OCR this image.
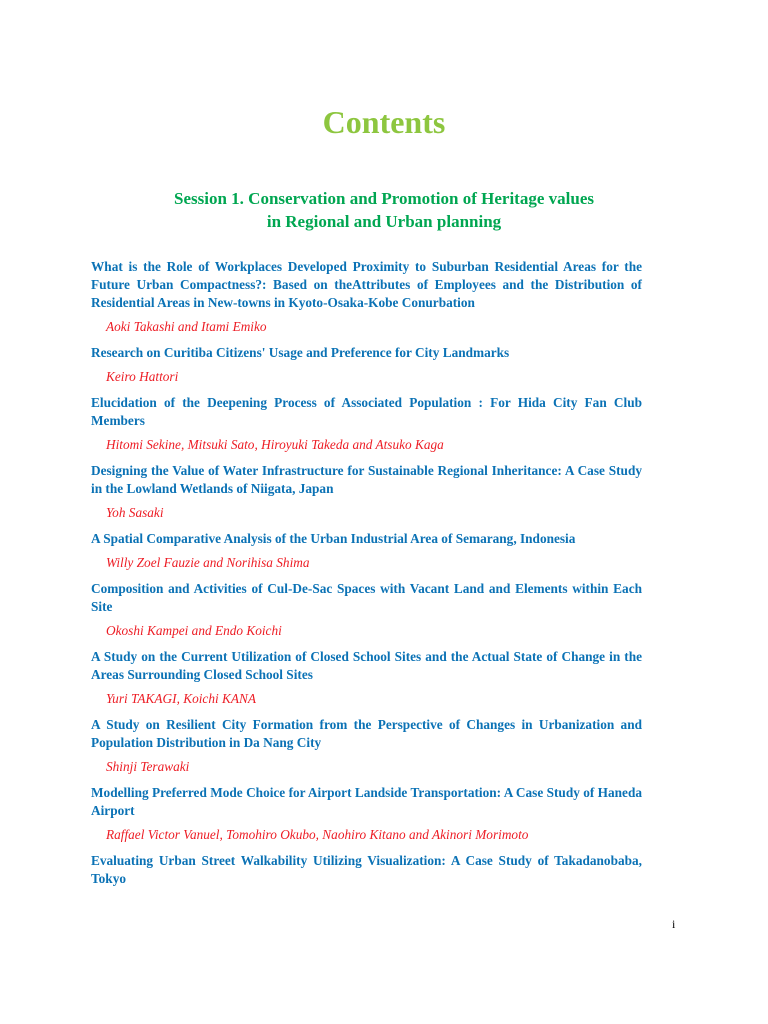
Contents
Session 1. Conservation and Promotion of Heritage values
in Regional and Urban planning

What is the Role of Workplaces Developed Proximity to Suburban Residential Areas for the Future Urban Compactness?: Based on theAttributes of Employees and the Distribution of Residential Areas in New-towns in Kyoto-Osaka-Kobe Conurbation

Aoki Takashi and Itami Emiko

Research on Curitiba Citizens' Usage and Preference for City Landmarks

Keiro Hattori

Elucidation of the Deepening Process of Associated Population : For Hida City Fan Club Members

Hitomi Sekine, Mitsuki Sato, Hiroyuki Takeda and Atsuko Kaga

Designing the Value of Water Infrastructure for Sustainable Regional Inheritance: A Case Study in the Lowland Wetlands of Niigata, Japan

Yoh Sasaki

A Spatial Comparative Analysis of the Urban Industrial Area of Semarang, Indonesia

Willy Zoel Fauzie and Norihisa Shima

Composition and Activities of Cul-De-Sac Spaces with Vacant Land and Elements within Each Site

Okoshi Kampei and Endo Koichi

A Study on the Current Utilization of Closed School Sites and the Actual State of Change in the Areas Surrounding Closed School Sites

Yuri TAKAGI, Koichi KANA

A Study on Resilient City Formation from the Perspective of Changes in Urbanization and Population Distribution in Da Nang City

Shinji Terawaki

Modelling Preferred Mode Choice for Airport Landside Transportation: A Case Study of Haneda Airport

Raffael Victor Vanuel, Tomohiro Okubo, Naohiro Kitano and Akinori Morimoto

Evaluating Urban Street Walkability Utilizing Visualization: A Case Study of Takadanobaba, Tokyo

i
